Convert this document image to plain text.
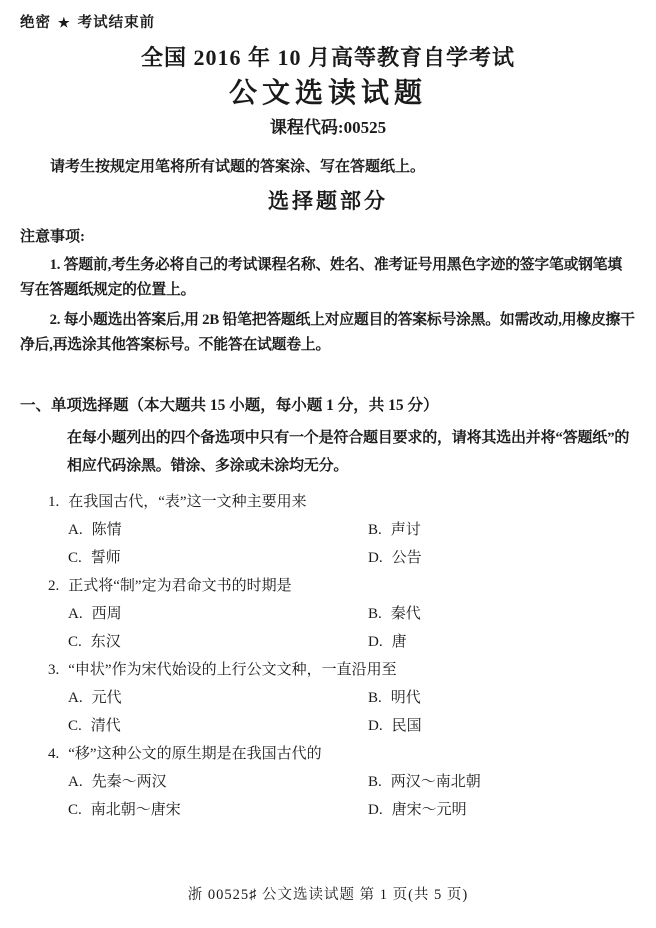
绝密 ★ 考试结束前
全国 2016 年 10 月高等教育自学考试
公文选读试题
课程代码:00525

请考生按规定用笔将所有试题的答案涂、写在答题纸上。

选择题部分
注意事项:

1. 答题前,考生务必将自己的考试课程名称、姓名、准考证号用黑色字迹的签字笔或钢笔填写在答题纸规定的位置上。

2. 每小题选出答案后,用 2B 铅笔把答题纸上对应题目的答案标号涂黑。如需改动,用橡皮擦干净后,再选涂其他答案标号。不能答在试题卷上。

一、单项选择题（本大题共 15 小题，每小题 1 分，共 15 分）
在每小题列出的四个备选项中只有一个是符合题目要求的，请将其选出并将“答题纸”的相应代码涂黑。错涂、多涂或未涂均无分。
1. 在我国古代，“表”这一文种主要用来
A. 陈情	B. 声讨
C. 誓师	D. 公告
2. 正式将“制”定为君命文书的时期是
A. 西周	B. 秦代
C. 东汉	D. 唐
3. “申状”作为宋代始设的上行公文文种，一直沿用至
A. 元代	B. 明代
C. 清代	D. 民国
4. “移”这种公文的原生期是在我国古代的
A. 先秦～两汉	B. 两汉～南北朝
C. 南北朝～唐宋	D. 唐宋～元明
浙 00525♯ 公文选读试题 第 1 页(共 5 页)
